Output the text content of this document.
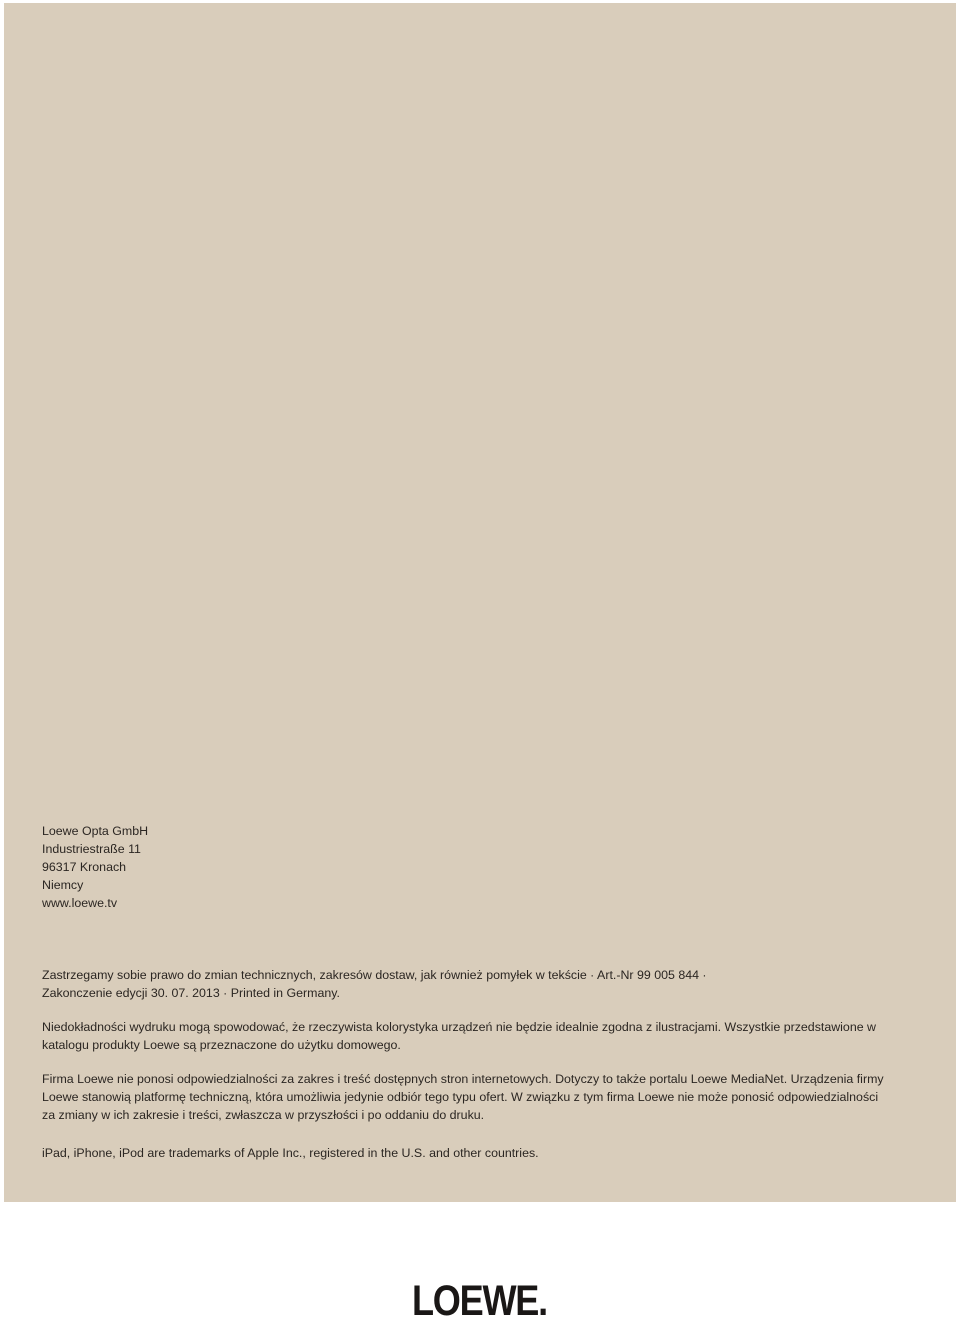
Loewe Opta GmbH
Industriestraße 11
96317 Kronach
Niemcy
www.loewe.tv

Zastrzegamy sobie prawo do zmian technicznych, zakresów dostaw, jak również pomyłek w tekście · Art.-Nr 99 005 844 ·
Zakonczenie edycji 30. 07. 2013 · Printed in Germany.

Niedokładności wydruku mogą spowodować, że rzeczywista kolorystyka urządzeń nie będzie idealnie zgodna z ilustracjami. Wszystkie przedstawione w
katalogu produkty Loewe są przeznaczone do użytku domowego.

Firma Loewe nie ponosi odpowiedzialności za zakres i treść dostępnych stron internetowych. Dotyczy to także portalu Loewe MediaNet. Urządzenia firmy
Loewe stanowią platformę techniczną, która umożliwia jedynie odbiór tego typu ofert. W związku z tym firma Loewe nie może ponosić odpowiedzialności
za zmiany w ich zakresie i treści, zwłaszcza w przyszłości i po oddaniu do druku.

iPad, iPhone, iPod are trademarks of Apple Inc., registered in the U.S. and other countries.
LOEWE.
